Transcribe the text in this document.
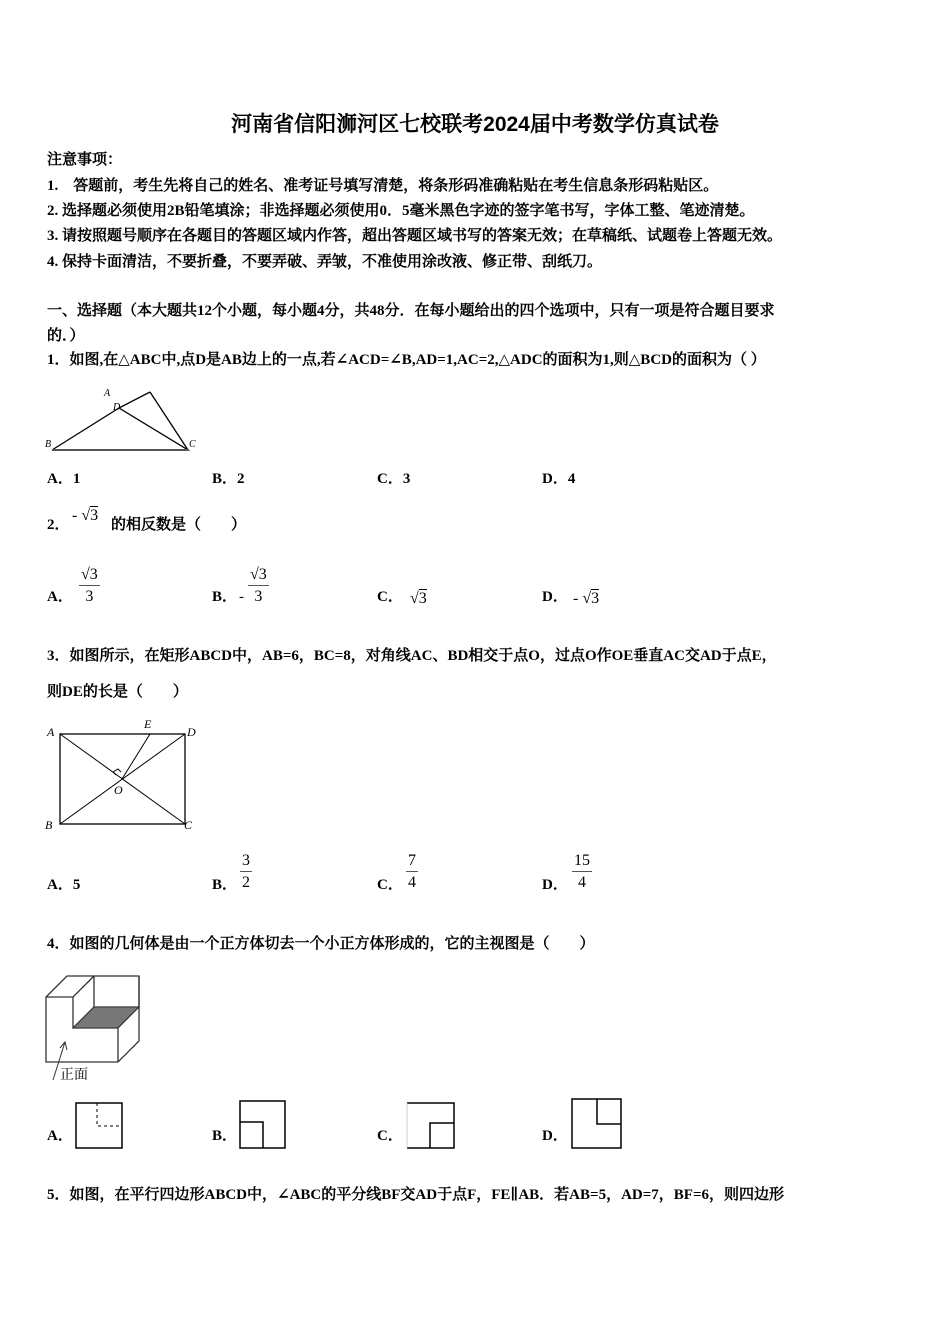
河南省信阳浉河区七校联考2024届中考数学仿真试卷
注意事项：
1.　答题前，考生先将自己的姓名、准考证号填写清楚，将条形码准确粘贴在考生信息条形码粘贴区。
2. 选择题必须使用2B铅笔填涂；非选择题必须使用0．5毫米黑色字迹的签字笔书写，字体工整、笔迹清楚。
3. 请按照题号顺序在各题目的答题区域内作答，超出答题区域书写的答案无效；在草稿纸、试题卷上答题无效。
4. 保持卡面清洁，不要折叠，不要弄破、弄皱，不准使用涂改液、修正带、刮纸刀。
一、选择题（本大题共12个小题，每小题4分，共48分．在每小题给出的四个选项中，只有一项是符合题目要求
的．）
1．如图,在△ABC中,点D是AB边上的一点,若∠ACD=∠B,AD=1,AC=2,△ADC的面积为1,则△BCD的面积为（ ）
A
D
B	C
A．1	B．2	C．3	D．4
2．
- √3
的相反数是（　　）
A． $\frac{√3}{3}$	B． - $\frac{√3}{3}$	C． √3	D． - √3
3．如图所示，在矩形ABCD中，AB=6，BC=8，对角线AC、BD相交于点O，过点O作OE垂直AC交AD于点E，
则DE的长是（　　）
A
E
D
O
B	C
A．5	B． $\frac{3}{2}$	C． $\frac{7}{4}$	D． $\frac{15}{4}$
4．如图的几何体是由一个正方体切去一个小正方体形成的，它的主视图是（　　）
正面
A．	B．	C．	D．
5．如图，在平行四边形ABCD中，∠ABC的平分线BF交AD于点F，FE∥AB．若AB=5，AD=7，BF=6，则四边形
